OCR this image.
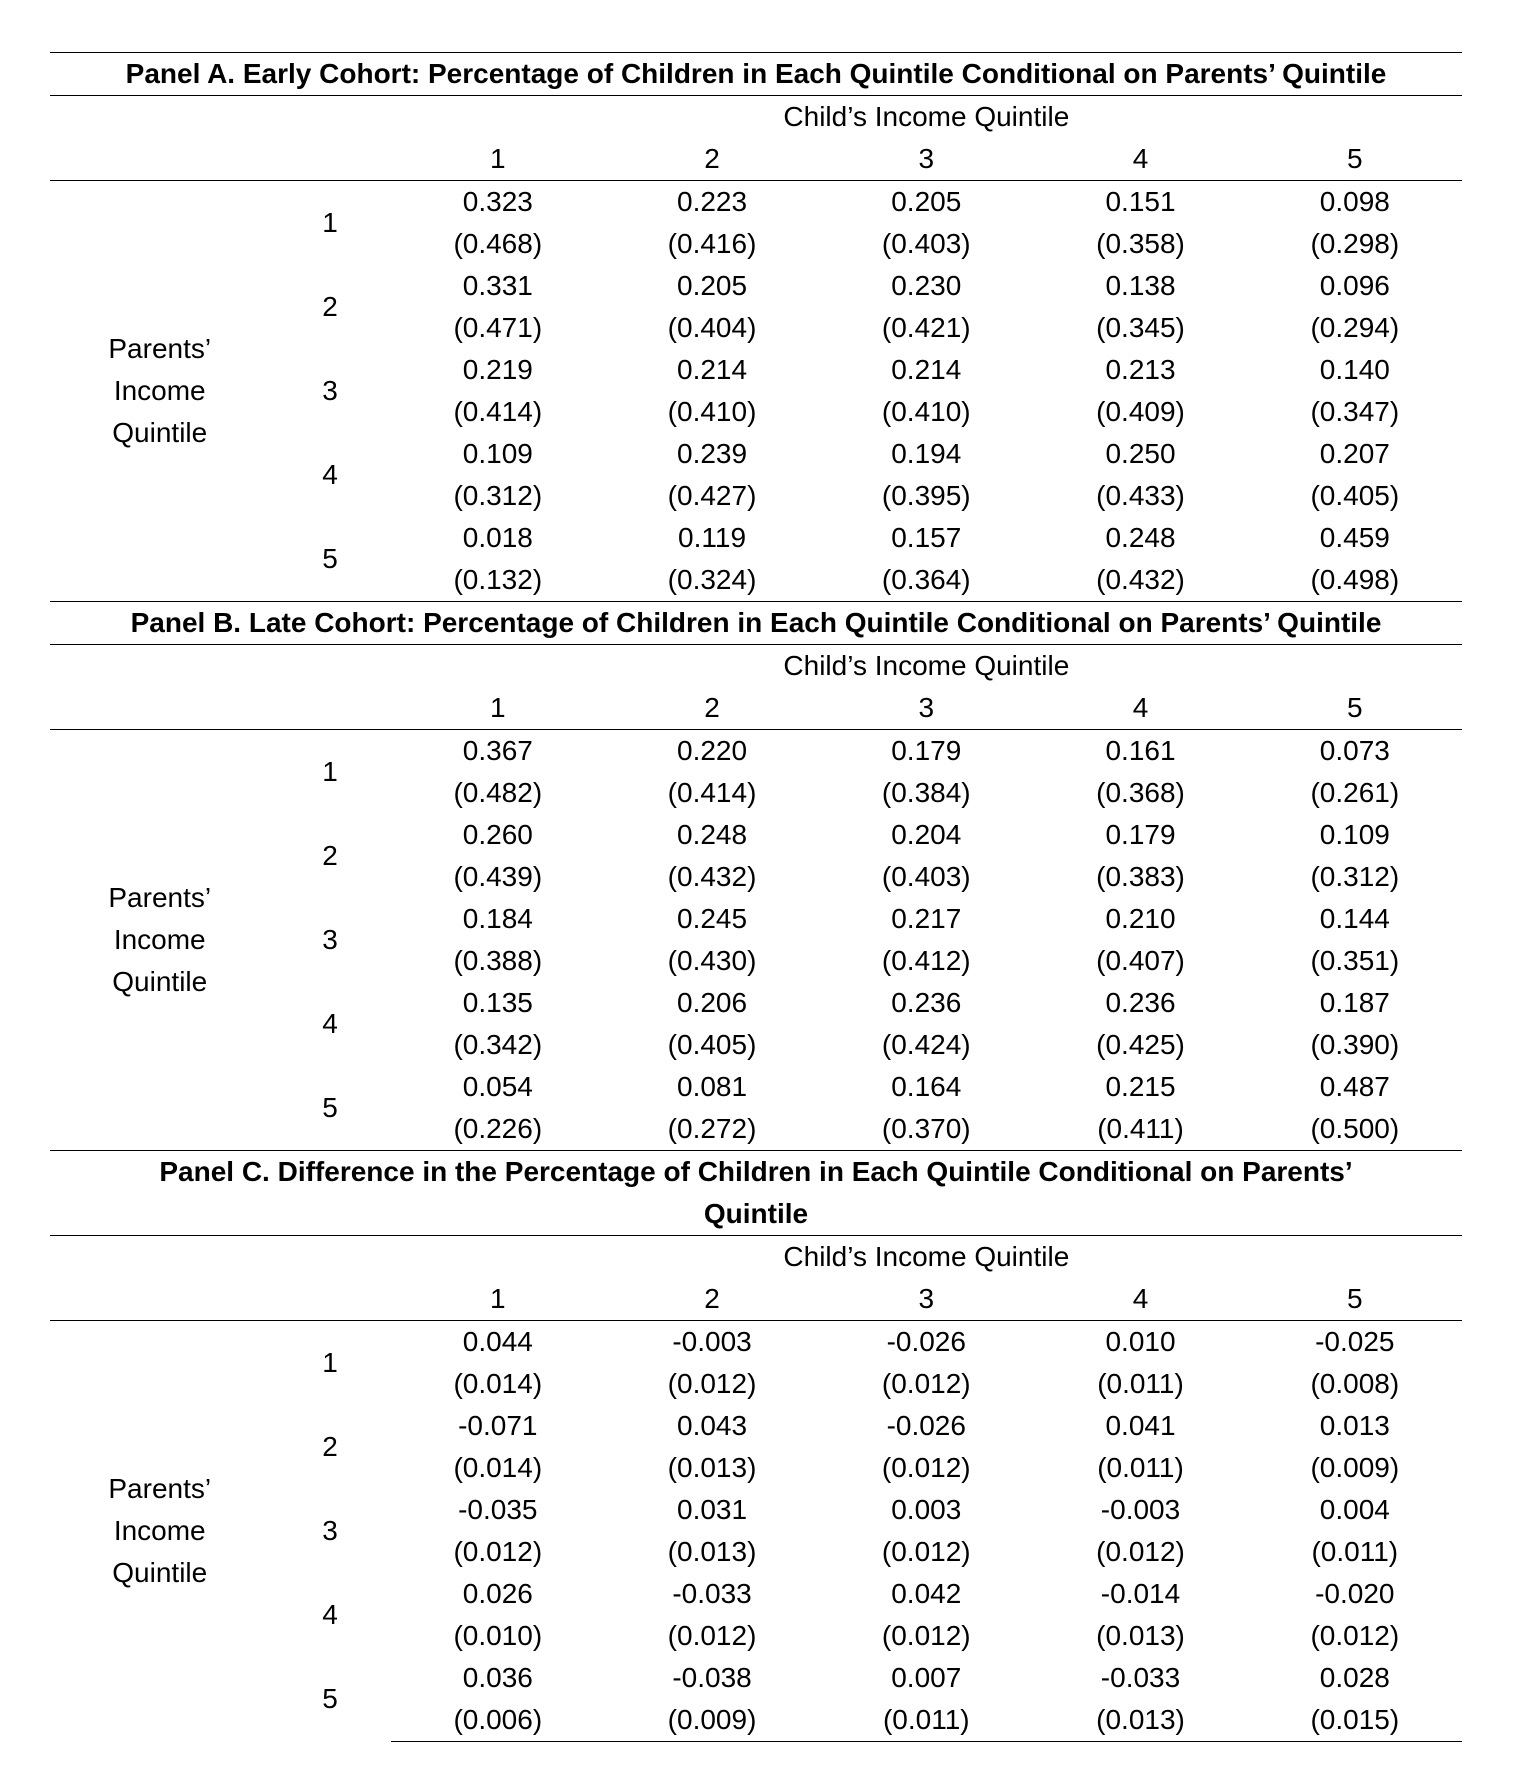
Panel A. Early Cohort: Percentage of Children in Each Quintile Conditional on Parents’ Quintile						
		Child’s Income Quintile				
		1	2	3	4	5
Parents’
Income
Quintile	1	0.323	0.223	0.205	0.151	0.098
		(0.468)	(0.416)	(0.403)	(0.358)	(0.298)
	2	0.331	0.205	0.230	0.138	0.096
		(0.471)	(0.404)	(0.421)	(0.345)	(0.294)
	3	0.219	0.214	0.214	0.213	0.140
		(0.414)	(0.410)	(0.410)	(0.409)	(0.347)
	4	0.109	0.239	0.194	0.250	0.207
		(0.312)	(0.427)	(0.395)	(0.433)	(0.405)
	5	0.018	0.119	0.157	0.248	0.459
		(0.132)	(0.324)	(0.364)	(0.432)	(0.498)
Panel B. Late Cohort: Percentage of Children in Each Quintile Conditional on Parents’ Quintile						
		Child’s Income Quintile				
		1	2	3	4	5
Parents’
Income
Quintile	1	0.367	0.220	0.179	0.161	0.073
		(0.482)	(0.414)	(0.384)	(0.368)	(0.261)
	2	0.260	0.248	0.204	0.179	0.109
		(0.439)	(0.432)	(0.403)	(0.383)	(0.312)
	3	0.184	0.245	0.217	0.210	0.144
		(0.388)	(0.430)	(0.412)	(0.407)	(0.351)
	4	0.135	0.206	0.236	0.236	0.187
		(0.342)	(0.405)	(0.424)	(0.425)	(0.390)
	5	0.054	0.081	0.164	0.215	0.487
		(0.226)	(0.272)	(0.370)	(0.411)	(0.500)
Panel C. Difference in the Percentage of Children in Each Quintile Conditional on Parents’
Quintile						
		Child’s Income Quintile				
		1	2	3	4	5
Parents’
Income
Quintile	1	0.044	-0.003	-0.026	0.010	-0.025
		(0.014)	(0.012)	(0.012)	(0.011)	(0.008)
	2	-0.071	0.043	-0.026	0.041	0.013
		(0.014)	(0.013)	(0.012)	(0.011)	(0.009)
	3	-0.035	0.031	0.003	-0.003	0.004
		(0.012)	(0.013)	(0.012)	(0.012)	(0.011)
	4	0.026	-0.033	0.042	-0.014	-0.020
		(0.010)	(0.012)	(0.012)	(0.013)	(0.012)
	5	0.036	-0.038	0.007	-0.033	0.028
		(0.006)	(0.009)	(0.011)	(0.013)	(0.015)
